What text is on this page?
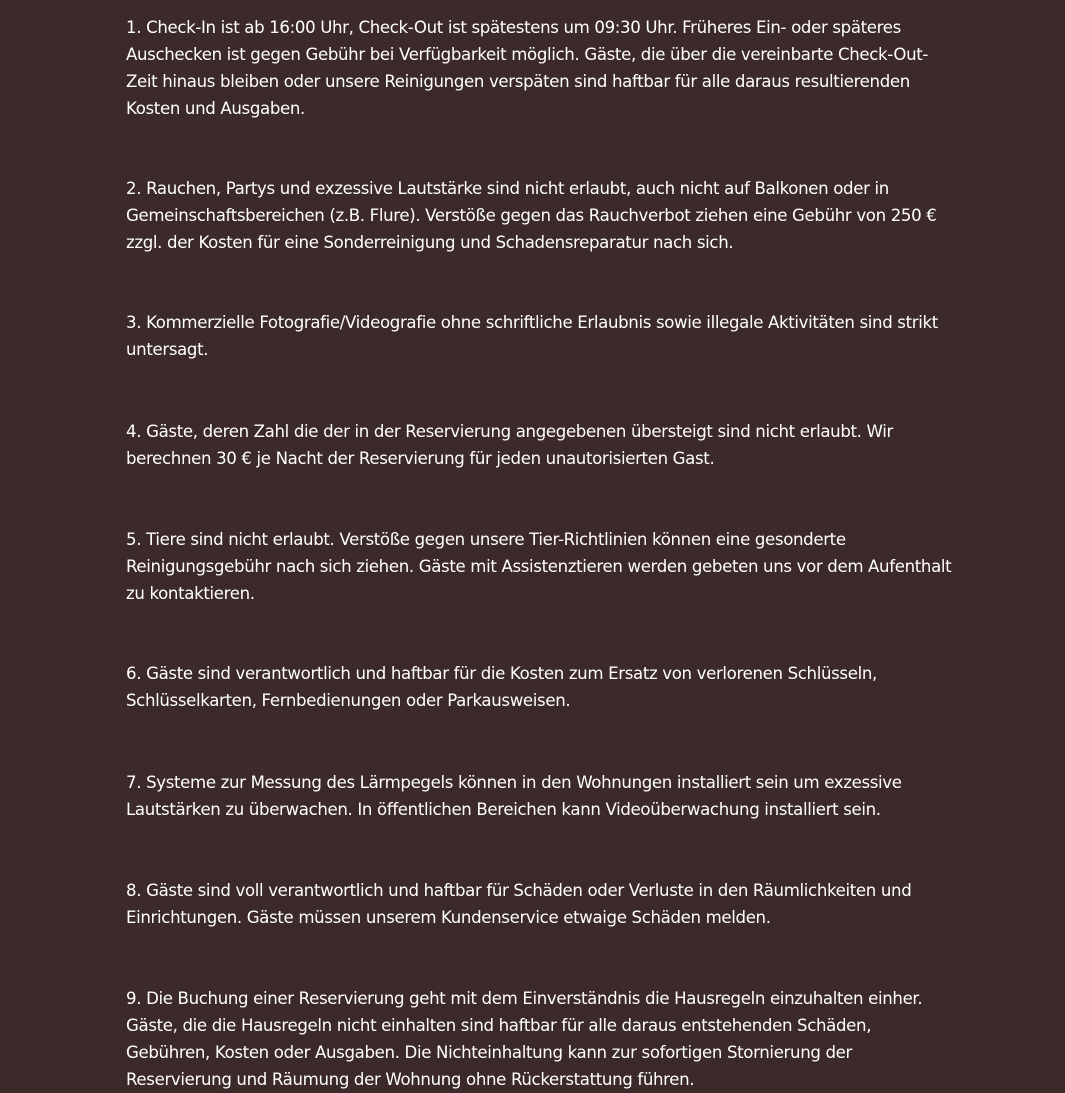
1. Check-In ist ab 16:00 Uhr, Check-Out ist spätestens um 09:30 Uhr. Früheres Ein- oder späteres Auschecken ist gegen Gebühr bei Verfügbarkeit möglich. Gäste, die über die vereinbarte Check-Out-Zeit hinaus bleiben oder unsere Reinigungen verspäten sind haftbar für alle daraus resultierenden Kosten und Ausgaben.

2. Rauchen, Partys und exzessive Lautstärke sind nicht erlaubt, auch nicht auf Balkonen oder in Gemeinschaftsbereichen (z.B. Flure). Verstöße gegen das Rauchverbot ziehen eine Gebühr von 250 € zzgl. der Kosten für eine Sonderreinigung und Schadensreparatur nach sich.

3. Kommerzielle Fotografie/Videografie ohne schriftliche Erlaubnis sowie illegale Aktivitäten sind strikt untersagt.

4. Gäste, deren Zahl die der in der Reservierung angegebenen übersteigt sind nicht erlaubt. Wir berechnen 30 € je Nacht der Reservierung für jeden unautorisierten Gast.

5. Tiere sind nicht erlaubt. Verstöße gegen unsere Tier-Richtlinien können eine gesonderte Reinigungsgebühr nach sich ziehen. Gäste mit Assistenztieren werden gebeten uns vor dem Aufenthalt zu kontaktieren.

6. Gäste sind verantwortlich und haftbar für die Kosten zum Ersatz von verlorenen Schlüsseln, Schlüsselkarten, Fernbedienungen oder Parkausweisen.

7. Systeme zur Messung des Lärmpegels können in den Wohnungen installiert sein um exzessive Lautstärken zu überwachen. In öffentlichen Bereichen kann Videoüberwachung installiert sein.

8. Gäste sind voll verantwortlich und haftbar für Schäden oder Verluste in den Räumlichkeiten und Einrichtungen. Gäste müssen unserem Kundenservice etwaige Schäden melden.

9. Die Buchung einer Reservierung geht mit dem Einverständnis die Hausregeln einzuhalten einher. Gäste, die die Hausregeln nicht einhalten sind haftbar für alle daraus entstehenden Schäden, Gebühren, Kosten oder Ausgaben. Die Nichteinhaltung kann zur sofortigen Stornierung der Reservierung und Räumung der Wohnung ohne Rückerstattung führen.
